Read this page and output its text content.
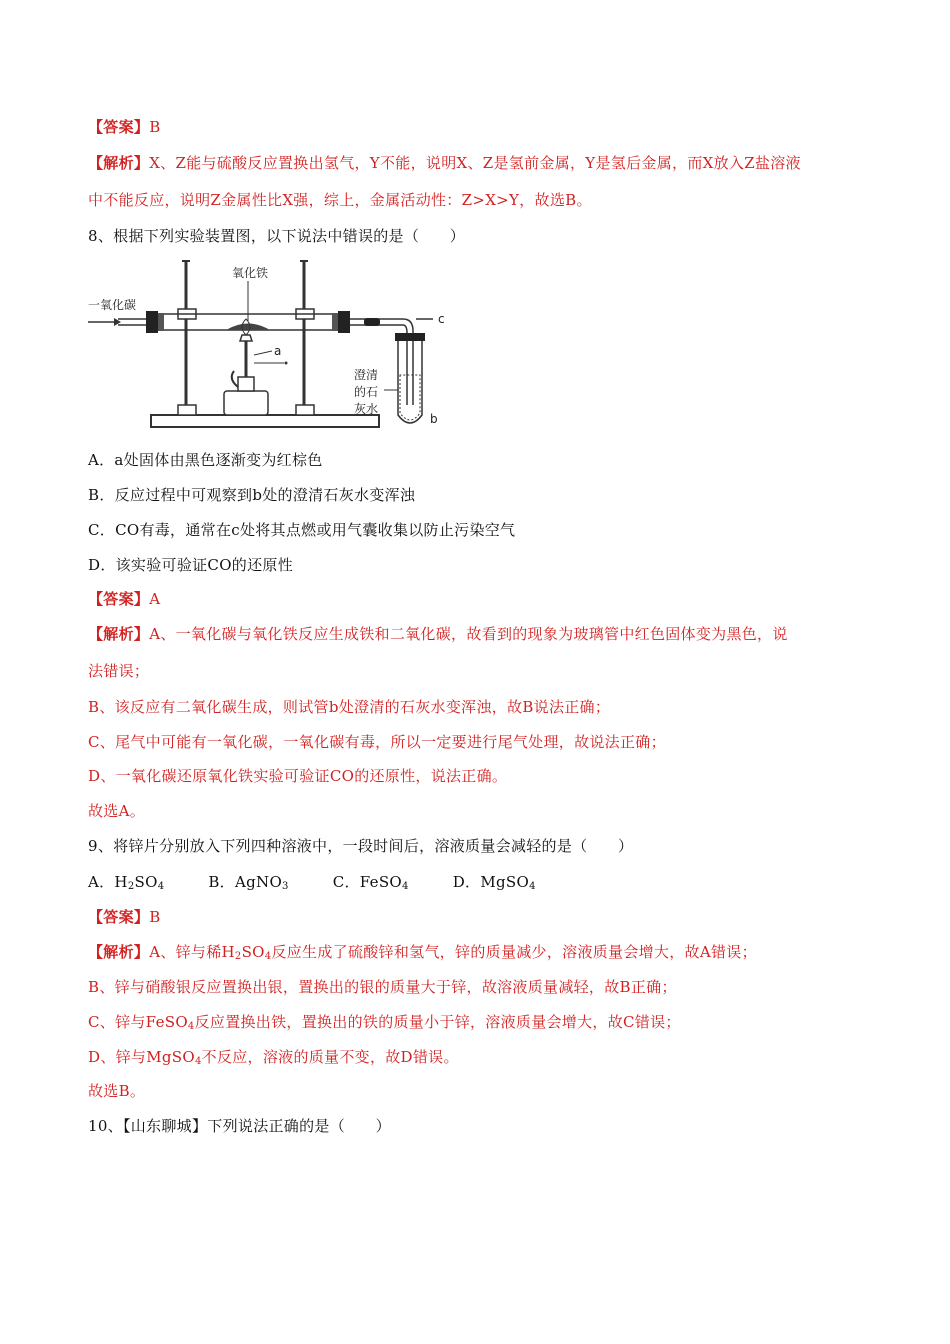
【答案】B
【解析】X、Z能与硫酸反应置换出氢气，Y不能，说明X、Z是氢前金属，Y是氢后金属，而X放入Z盐溶液
中不能反应，说明Z金属性比X强，综上，金属活动性：Z>X>Y，故选B。
8、根据下列实验装置图，以下说法中错误的是（　　）
一氧化碳
氧化铁
a
b
c
澄清
的石
灰水
A．a处固体由黑色逐渐变为红棕色
B．反应过程中可观察到b处的澄清石灰水变浑浊
C．CO有毒，通常在c处将其点燃或用气囊收集以防止污染空气
D．该实验可验证CO的还原性
【答案】A
【解析】A、一氧化碳与氧化铁反应生成铁和二氧化碳，故看到的现象为玻璃管中红色固体变为黑色，说
法错误；
B、该反应有二氧化碳生成，则试管b处澄清的石灰水变浑浊，故B说法正确；
C、尾气中可能有一氧化碳，一氧化碳有毒，所以一定要进行尾气处理，故说法正确；
D、一氧化碳还原氧化铁实验可验证CO的还原性，说法正确。
故选A。
9、将锌片分别放入下列四种溶液中，一段时间后，溶液质量会减轻的是（　　）
A．$H_2SO_4$	B．AgNO$_3$	C．FeSO$_4$	D．MgSO$_4$
【答案】B
【解析】A、锌与稀$H_2SO_4$反应生成了硫酸锌和氢气，锌的质量减少，溶液质量会增大，故A错误；
B、锌与硝酸银反应置换出银，置换出的银的质量大于锌，故溶液质量减轻，故B正确；
C、锌与FeSO$_4$反应置换出铁，置换出的铁的质量小于锌，溶液质量会增大，故C错误；
D、锌与MgSO$_4$不反应，溶液的质量不变，故D错误。
故选B。
10、【山东聊城】下列说法正确的是（　　）
